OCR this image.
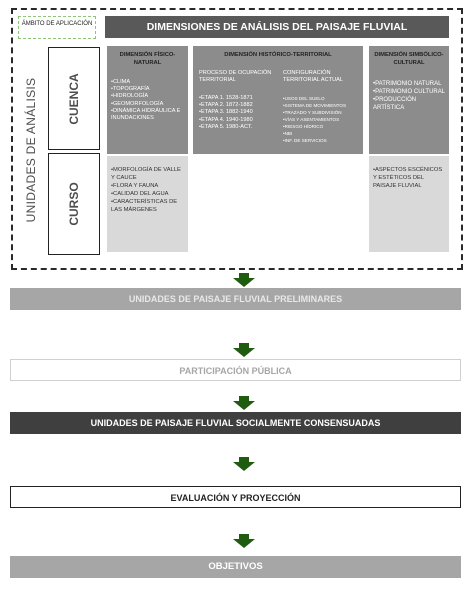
ÁMBITO DE APLICACIÓN	DIMENSIONES DE ANÁLISIS DEL PAISAJE FLUVIAL
UNIDADES DE ANÁLISIS CUENCA
CURSO
DIMENSIÓN FÍSICO-NATURAL
•CLIMA
•TOPOGRAFÍA
•HIDROLOGÍA
•GEOMORFOLOGÍA
•DINÁMICA HIDRÁULICA E INUNDACIONES
•MORFOLOGÍA DE VALLE Y CAUCE
•FLORA Y FAUNA
•CALIDAD DEL AGUA
•CARACTERÍSTICAS DE LAS MÁRGENES
DIMENSIÓN HISTÓRICO-TERRITORIAL
PROCESO DE OCUPACIÓN TERRITORIAL
•ETAPA 1. 1528-1871
•ETAPA 2. 1872-1882
•ETAPA 3. 1882-1940
•ETAPA 4. 1940-1980
•ETAPA 5. 1980-ACT.
CONFIGURACIÓN TERRITORIAL ACTUAL
•USOS DEL SUELO
•SISTEMA DE MOVIMIENTOS
•TRAZADO Y SUBDIVISIÓN
•VÍAS Y ASENTAMIENTOS
•RIESGO HÍDRICO
•NBI
•INF. DE SERVICIOS
DIMENSIÓN SIMBÓLICO-CULTURAL
•PATRIMONIO NATURAL
•PATRIMONIO CULTURAL
•PRODUCCIÓN ARTÍSTICA
•ASPECTOS ESCÉNICOS Y ESTÉTICOS DEL PAISAJE FLUVIAL
UNIDADES DE PAISAJE FLUVIAL PRELIMINARES
PARTICIPACIÓN PÚBLICA
UNIDADES DE PAISAJE FLUVIAL SOCIALMENTE CONSENSUADAS
EVALUACIÓN Y PROYECCIÓN
OBJETIVOS
